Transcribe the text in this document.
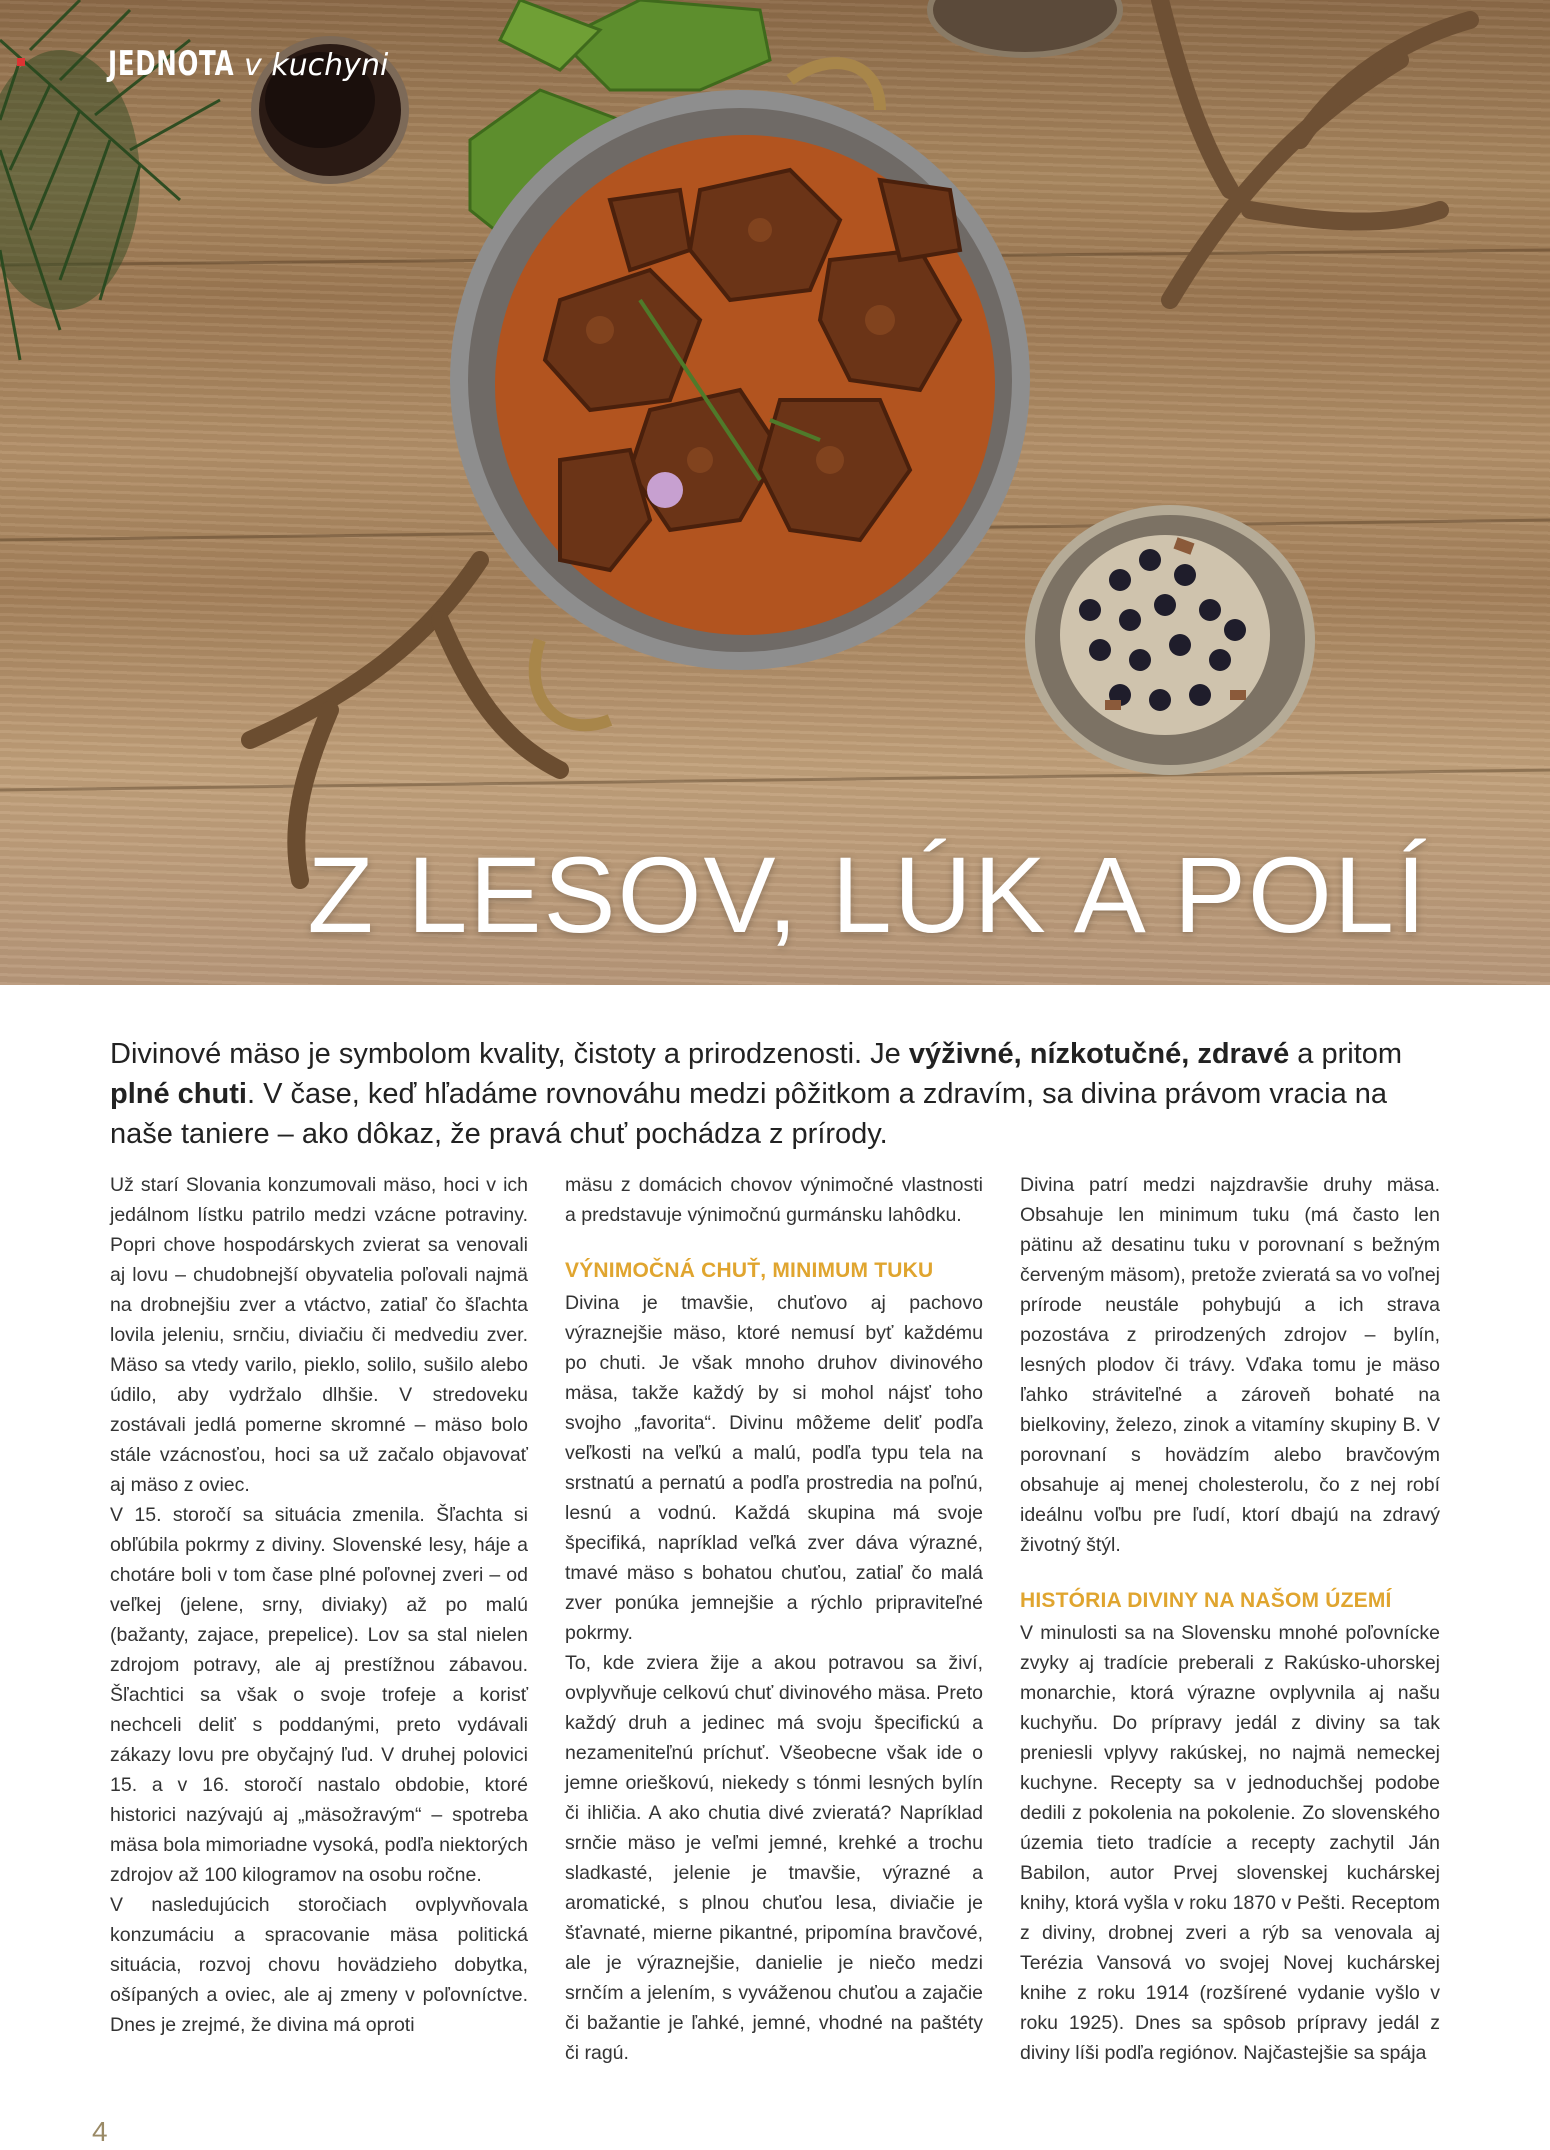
JEDNOTA v kuchyni
Z LESOV, LÚK A POLÍ
Divinové mäso je symbolom kvality, čistoty a prirodzenosti. Je výživné, nízkotučné, zdravé a pritom plné chuti. V čase, keď hľadáme rovnováhu medzi pôžitkom a zdravím, sa divina právom vracia na naše taniere – ako dôkaz, že pravá chuť pochádza z prírody.

Už starí Slovania konzumovali mäso, hoci v ich jedálnom lístku patrilo medzi vzácne potraviny. Popri chove hospodárskych zvierat sa venovali aj lovu – chudobnejší obyvatelia poľovali najmä na drobnejšiu zver a vtáctvo, zatiaľ čo šľachta lovila jeleniu, srnčiu, diviačiu či medvediu zver. Mäso sa vtedy varilo, pieklo, solilo, sušilo alebo údilo, aby vydržalo dlhšie. V stredoveku zostávali jedlá pomerne skromné – mäso bolo stále vzácnosťou, hoci sa už začalo objavovať aj mäso z oviec.

V 15. storočí sa situácia zmenila. Šľachta si obľúbila pokrmy z diviny. Slovenské lesy, háje a chotáre boli v tom čase plné poľovnej zveri – od veľkej (jelene, srny, diviaky) až po malú (bažanty, zajace, prepelice). Lov sa stal nielen zdrojom potravy, ale aj prestížnou zábavou. Šľachtici sa však o svoje trofeje a korisť nechceli deliť s poddanými, preto vydávali zákazy lovu pre obyčajný ľud. V druhej polovici 15. a v 16. storočí nastalo obdobie, ktoré historici nazývajú aj „mäsožravým“ – spotreba mäsa bola mimoriadne vysoká, podľa niektorých zdrojov až 100 kilogramov na osobu ročne.

V nasledujúcich storočiach ovplyvňovala konzumáciu a spracovanie mäsa politická situácia, rozvoj chovu hovädzieho dobytka, ošípaných a oviec, ale aj zmeny v poľovníctve. Dnes je zrejmé, že divina má oproti

mäsu z domácich chovov výnimočné vlastnosti a predstavuje výnimočnú gurmánsku lahôdku.

VÝNIMOČNÁ CHUŤ, MINIMUM TUKU

Divina je tmavšie, chuťovo aj pachovo výraznejšie mäso, ktoré nemusí byť každému po chuti. Je však mnoho druhov divinového mäsa, takže každý by si mohol nájsť toho svojho „favorita“. Divinu môžeme deliť podľa veľkosti na veľkú a malú, podľa typu tela na srstnatú a pernatú a podľa prostredia na poľnú, lesnú a vodnú. Každá skupina má svoje špecifiká, napríklad veľká zver dáva výrazné, tmavé mäso s bohatou chuťou, zatiaľ čo malá zver ponúka jemnejšie a rýchlo pripraviteľné pokrmy.

To, kde zviera žije a akou potravou sa živí, ovplyvňuje celkovú chuť divinového mäsa. Preto každý druh a jedinec má svoju špecifickú a nezameniteľnú príchuť. Všeobecne však ide o jemne orieškovú, niekedy s tónmi lesných bylín či ihličia. A ako chutia divé zvieratá? Napríklad srnčie mäso je veľmi jemné, krehké a trochu sladkasté, jelenie je tmavšie, výrazné a aromatické, s plnou chuťou lesa, diviačie je šťavnaté, mierne pikantné, pripomína bravčové, ale je výraznejšie, danielie je niečo medzi srnčím a jelením, s vyváženou chuťou a zajačie či bažantie je ľahké, jemné, vhodné na paštéty či ragú.

Divina patrí medzi najzdravšie druhy mäsa. Obsahuje len minimum tuku (má často len pätinu až desatinu tuku v porovnaní s bežným červeným mäsom), pretože zvieratá sa vo voľnej prírode neustále pohybujú a ich strava pozostáva z prirodzených zdrojov – bylín, lesných plodov či trávy. Vďaka tomu je mäso ľahko stráviteľné a zároveň bohaté na bielkoviny, železo, zinok a vitamíny skupiny B. V porovnaní s hovädzím alebo bravčovým obsahuje aj menej cholesterolu, čo z nej robí ideálnu voľbu pre ľudí, ktorí dbajú na zdravý životný štýl.

HISTÓRIA DIVINY NA NAŠOM ÚZEMÍ

V minulosti sa na Slovensku mnohé poľovnícke zvyky aj tradície preberali z Rakúsko-uhorskej monarchie, ktorá výrazne ovplyvnila aj našu kuchyňu. Do prípravy jedál z diviny sa tak preniesli vplyvy rakúskej, no najmä nemeckej kuchyne. Recepty sa v jednoduchšej podobe dedili z pokolenia na pokolenie. Zo slovenského územia tieto tradície a recepty zachytil Ján Babilon, autor Prvej slovenskej kuchárskej knihy, ktorá vyšla v roku 1870 v Pešti. Receptom z diviny, drobnej zveri a rýb sa venovala aj Terézia Vansová vo svojej Novej kuchárskej knihe z roku 1914 (rozšírené vydanie vyšlo v roku 1925). Dnes sa spôsob prípravy jedál z diviny líši podľa regiónov. Najčastejšie sa spája

4
